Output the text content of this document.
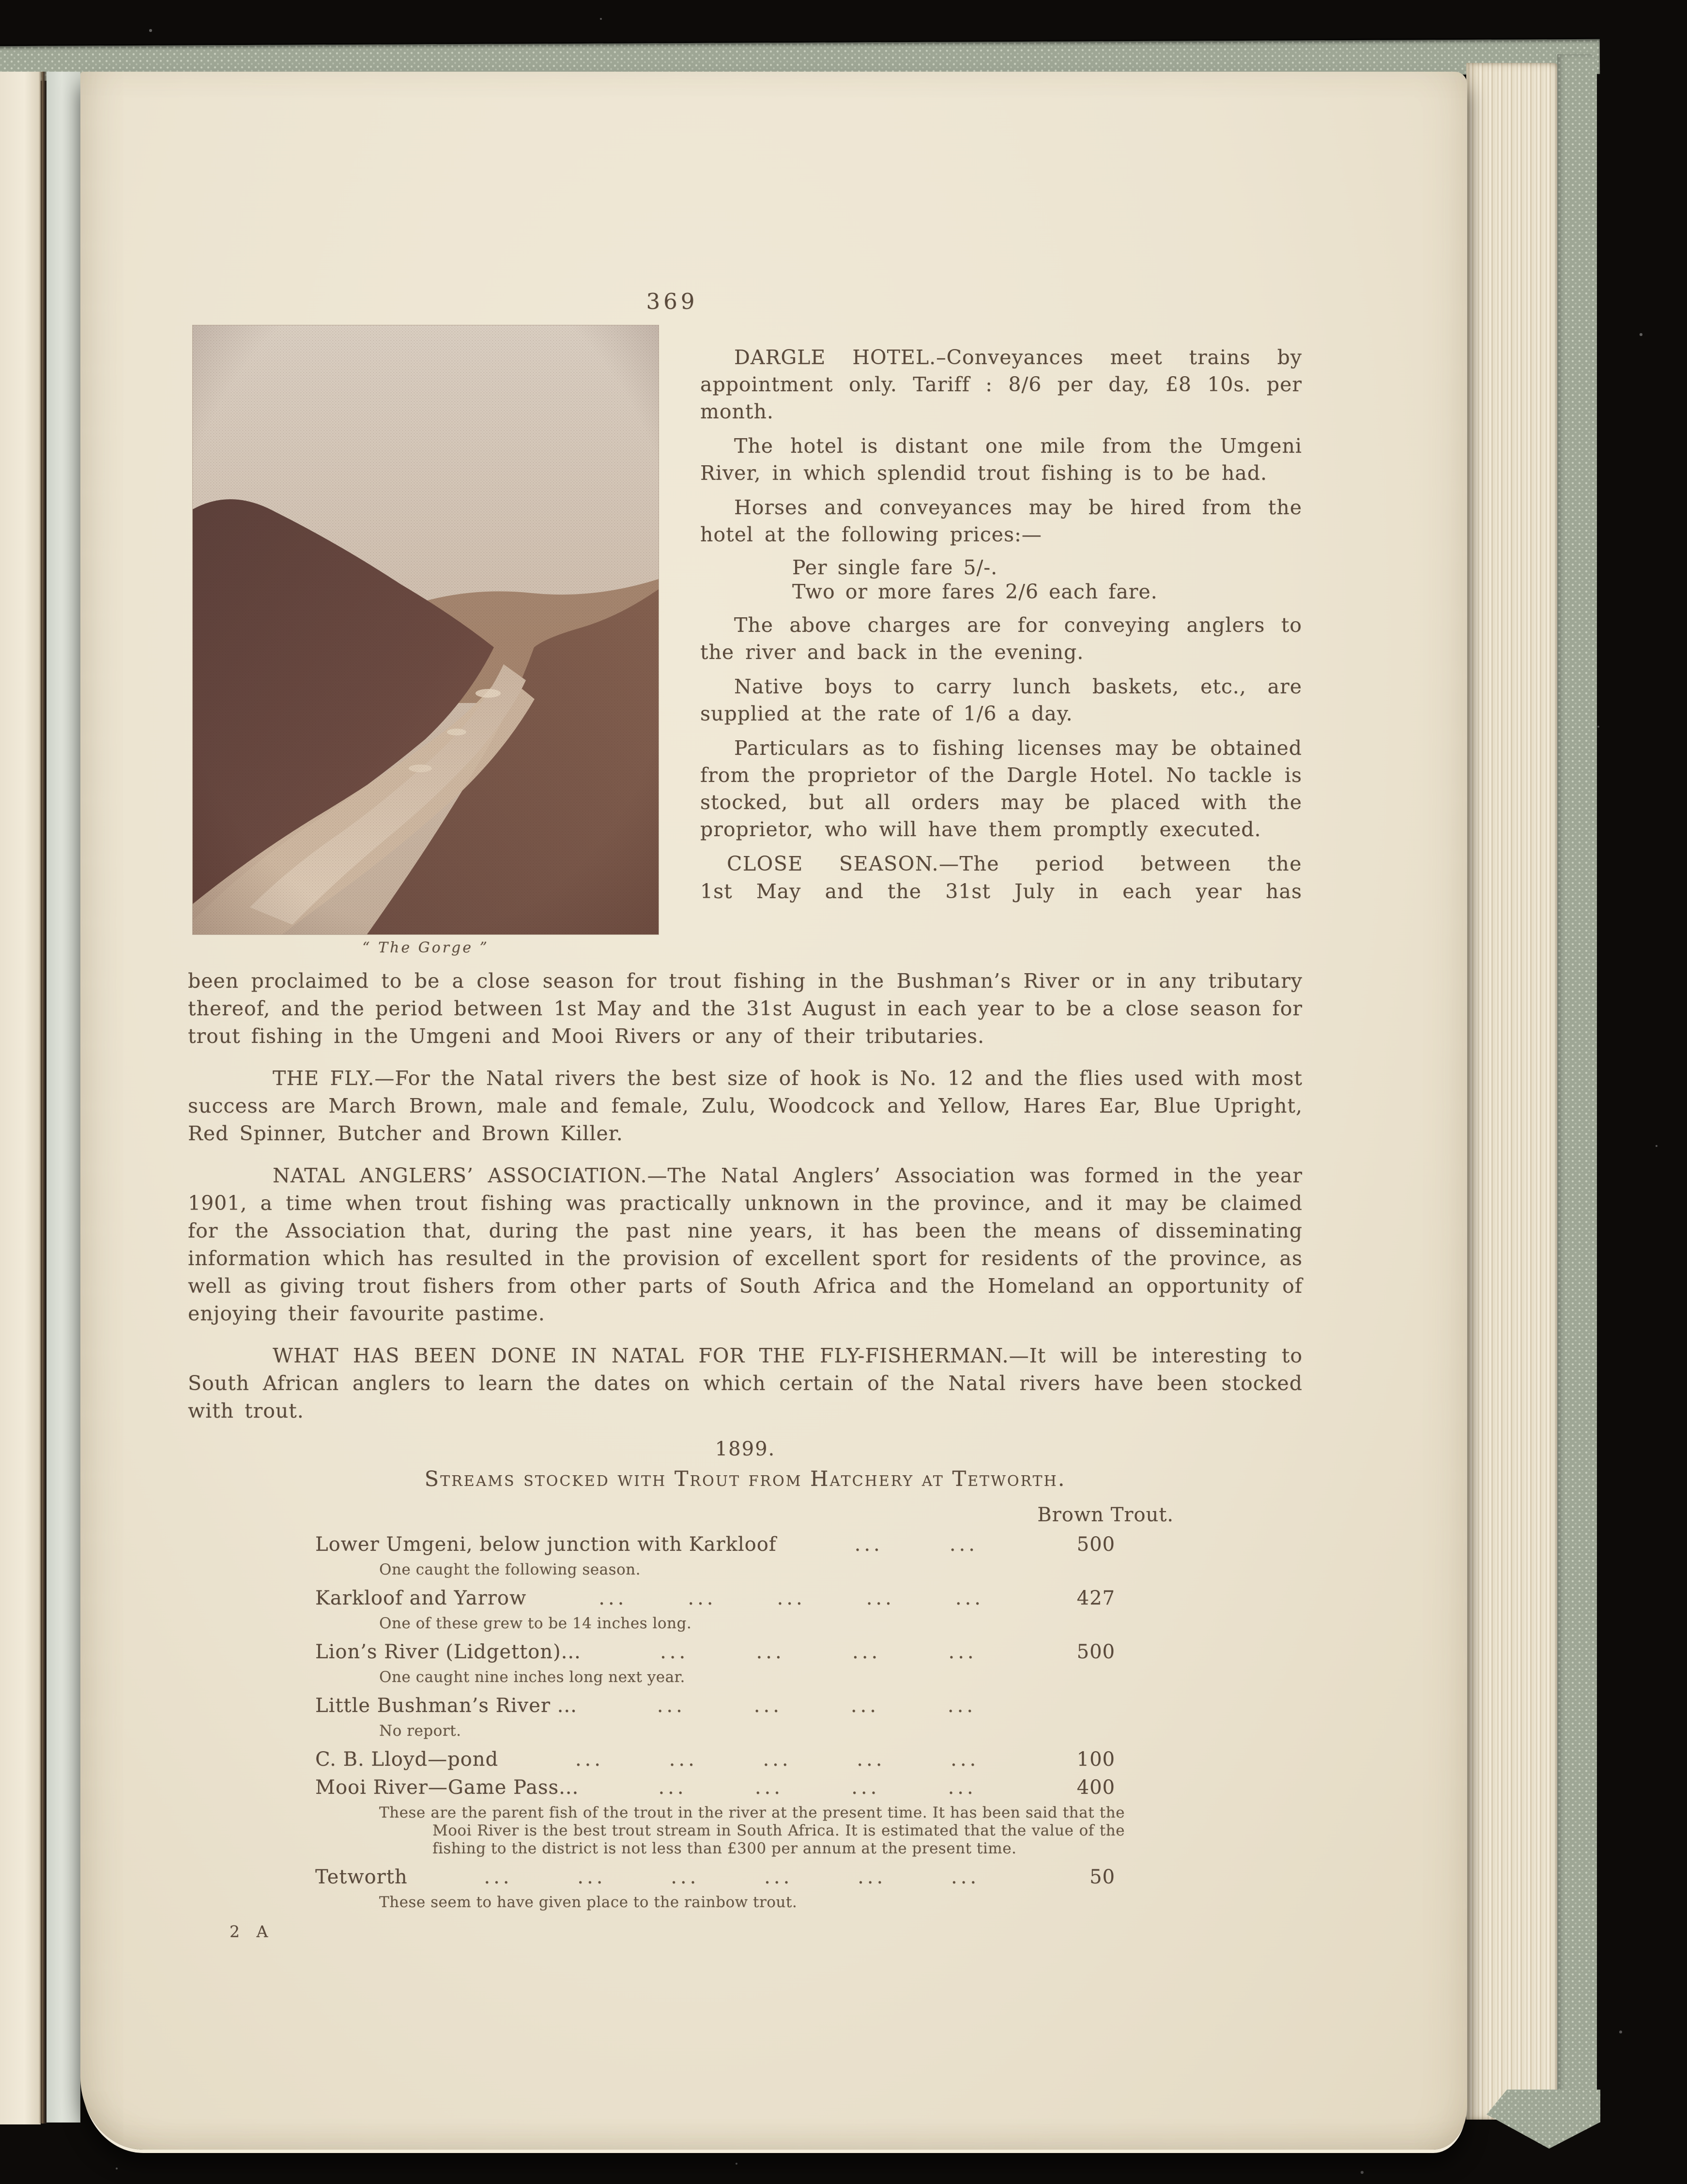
369
“ The Gorge ”

DARGLE HOTEL.–Conveyances meet trains by appointment only. Tariff : 8/6 per day, £8 10s. per month.

The hotel is distant one mile from the Umgeni River, in which splendid trout fishing is to be had.

Horses and conveyances may be hired from the hotel at the following prices:—

Per single fare 5/-.
Two or more fares 2/6 each fare.

The above charges are for conveying anglers to the river and back in the evening.

Native boys to carry lunch baskets, etc., are supplied at the rate of 1/6 a day.

Particulars as to fishing licenses may be obtained from the proprietor of the Dargle Hotel. No tackle is stocked, but all orders may be placed with the proprietor, who will have them promptly executed.

CLOSE SEASON.—The period between the
1st May and the 31st July in each year has

been proclaimed to be a close season for trout fishing in the Bushman’s River or in any tributary thereof, and the period between 1st May and the 31st August in each year to be a close season for trout fishing in the Umgeni and Mooi Rivers or any of their tributaries.

THE FLY.—For the Natal rivers the best size of hook is No. 12 and the flies used with most success are March Brown, male and female, Zulu, Woodcock and Yellow, Hares Ear, Blue Upright, Red Spinner, Butcher and Brown Killer.

NATAL ANGLERS’ ASSOCIATION.—The Natal Anglers’ Association was formed in the year 1901, a time when trout fishing was practically unknown in the province, and it may be claimed for the Association that, during the past nine years, it has been the means of disseminating information which has resulted in the provision of excellent sport for residents of the province, as well as giving trout fishers from other parts of South Africa and the Homeland an opportunity of enjoying their favourite pastime.

WHAT HAS BEEN DONE IN NATAL FOR THE FLY-FISHERMAN.—It will be interesting to South African anglers to learn the dates on which certain of the Natal rivers have been stocked with trout.

1899.
Streams stocked with Trout from Hatchery at Tetworth.
Brown Trout.
Lower Umgeni, below junction with Karkloof	...	...	500
One caught the following season.
Karkloof and Yarrow	...	...	...	...	...	427
One of these grew to be 14 inches long.
Lion’s River (Lidgetton)...	...	...	...	...	500
One caught nine inches long next year.
Little Bushman’s River ...	...	...	...	...
No report.
C. B. Lloyd—pond	...	...	...	...	...	100
Mooi River—Game Pass...	...	...	...	...	400
These are the parent fish of the trout in the river at the present time. It has been said that the Mooi River is the best trout stream in South Africa. It is estimated that the value of the fishing to the district is not less than £300 per annum at the present time.
Tetworth	...	...	...	...	...	...	50
These seem to have given place to the rainbow trout.
2 A
